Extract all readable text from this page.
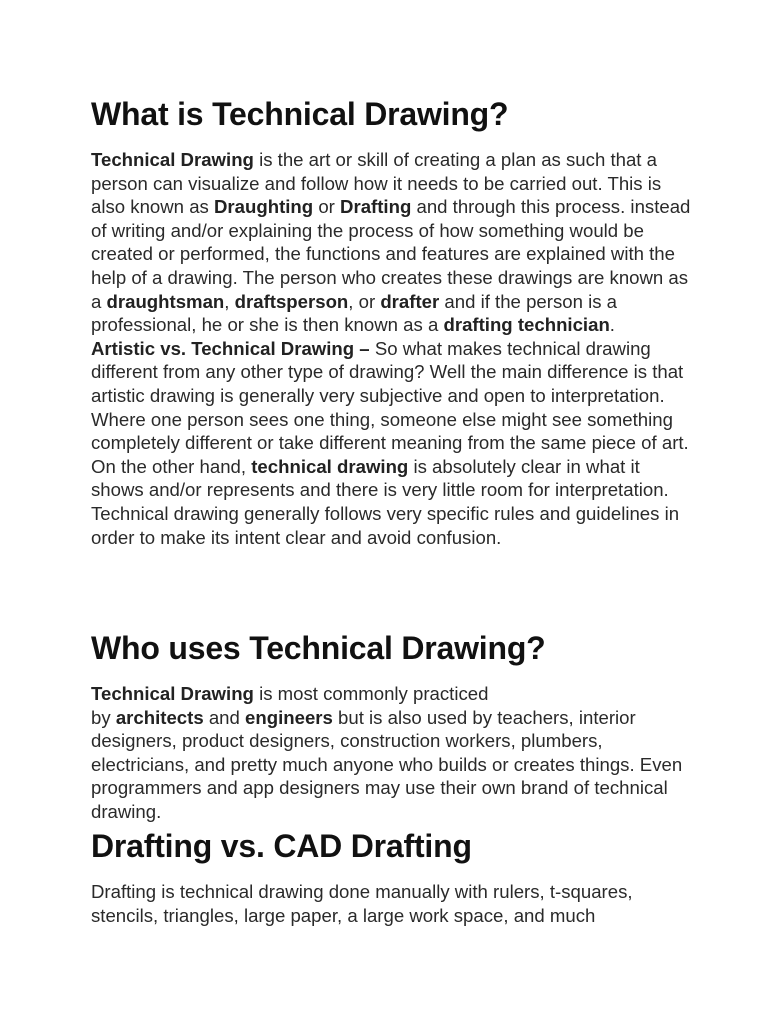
What is Technical Drawing?

Technical Drawing is the art or skill of creating a plan as such that a person can visualize and follow how it needs to be carried out. This is also known as Draughting or Drafting and through this process. instead of writing and/or explaining the process of how something would be created or performed, the functions and features are explained with the help of a drawing. The person who creates these drawings are known as
a draughtsman, draftsperson, or drafter and if the person is a professional, he or she is then known as a drafting technician.
Artistic vs. Technical Drawing – So what makes technical drawing different from any other type of drawing? Well the main difference is that artistic drawing is generally very subjective and open to interpretation. Where one person sees one thing, someone else might see something completely different or take different meaning from the same piece of art. On the other hand, technical drawing is absolutely clear in what it shows and/or represents and there is very little room for interpretation. Technical drawing generally follows very specific rules and guidelines in order to make its intent clear and avoid confusion.

Who uses Technical Drawing?

Technical Drawing is most commonly practiced
by architects and engineers but is also used by teachers, interior designers, product designers, construction workers, plumbers, electricians, and pretty much anyone who builds or creates things. Even programmers and app designers may use their own brand of technical drawing.

Drafting vs. CAD Drafting

Drafting is technical drawing done manually with rulers, t-squares, stencils, triangles, large paper, a large work space, and much
